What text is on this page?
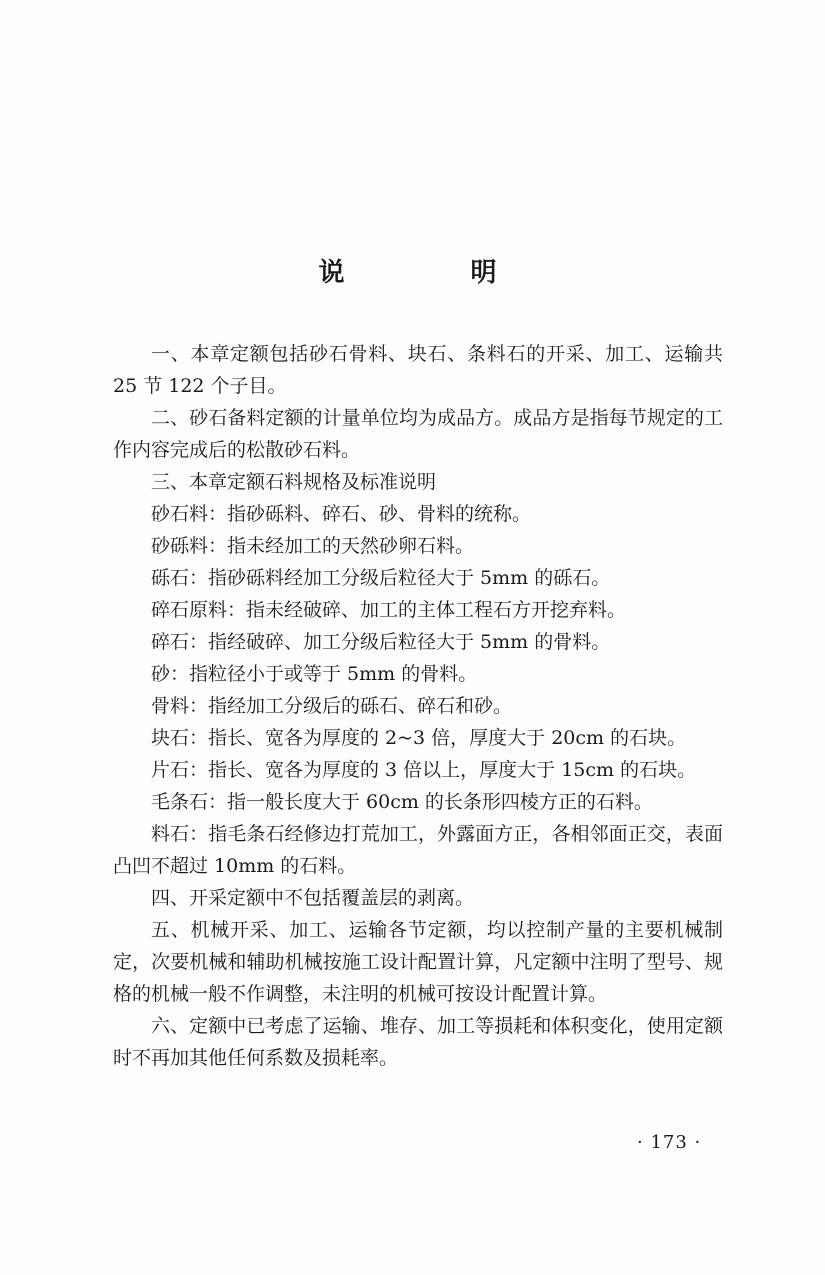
说　明

一、本章定额包括砂石骨料、块石、条料石的开采、加工、运输共 25 节 122 个子目。

二、砂石备料定额的计量单位均为成品方。成品方是指每节规定的工作内容完成后的松散砂石料。

三、本章定额石料规格及标准说明

砂石料：指砂砾料、碎石、砂、骨料的统称。

砂砾料：指未经加工的天然砂卵石料。

砾石：指砂砾料经加工分级后粒径大于 5mm 的砾石。

碎石原料：指未经破碎、加工的主体工程石方开挖弃料。

碎石：指经破碎、加工分级后粒径大于 5mm 的骨料。

砂：指粒径小于或等于 5mm 的骨料。

骨料：指经加工分级后的砾石、碎石和砂。

块石：指长、宽各为厚度的 2~3 倍，厚度大于 20cm 的石块。

片石：指长、宽各为厚度的 3 倍以上，厚度大于 15cm 的石块。

毛条石：指一般长度大于 60cm 的长条形四棱方正的石料。

料石：指毛条石经修边打荒加工，外露面方正，各相邻面正交，表面凸凹不超过 10mm 的石料。

四、开采定额中不包括覆盖层的剥离。

五、机械开采、加工、运输各节定额，均以控制产量的主要机械制定，次要机械和辅助机械按施工设计配置计算，凡定额中注明了型号、规格的机械一般不作调整，未注明的机械可按设计配置计算。

六、定额中已考虑了运输、堆存、加工等损耗和体积变化，使用定额时不再加其他任何系数及损耗率。

· 173 ·
